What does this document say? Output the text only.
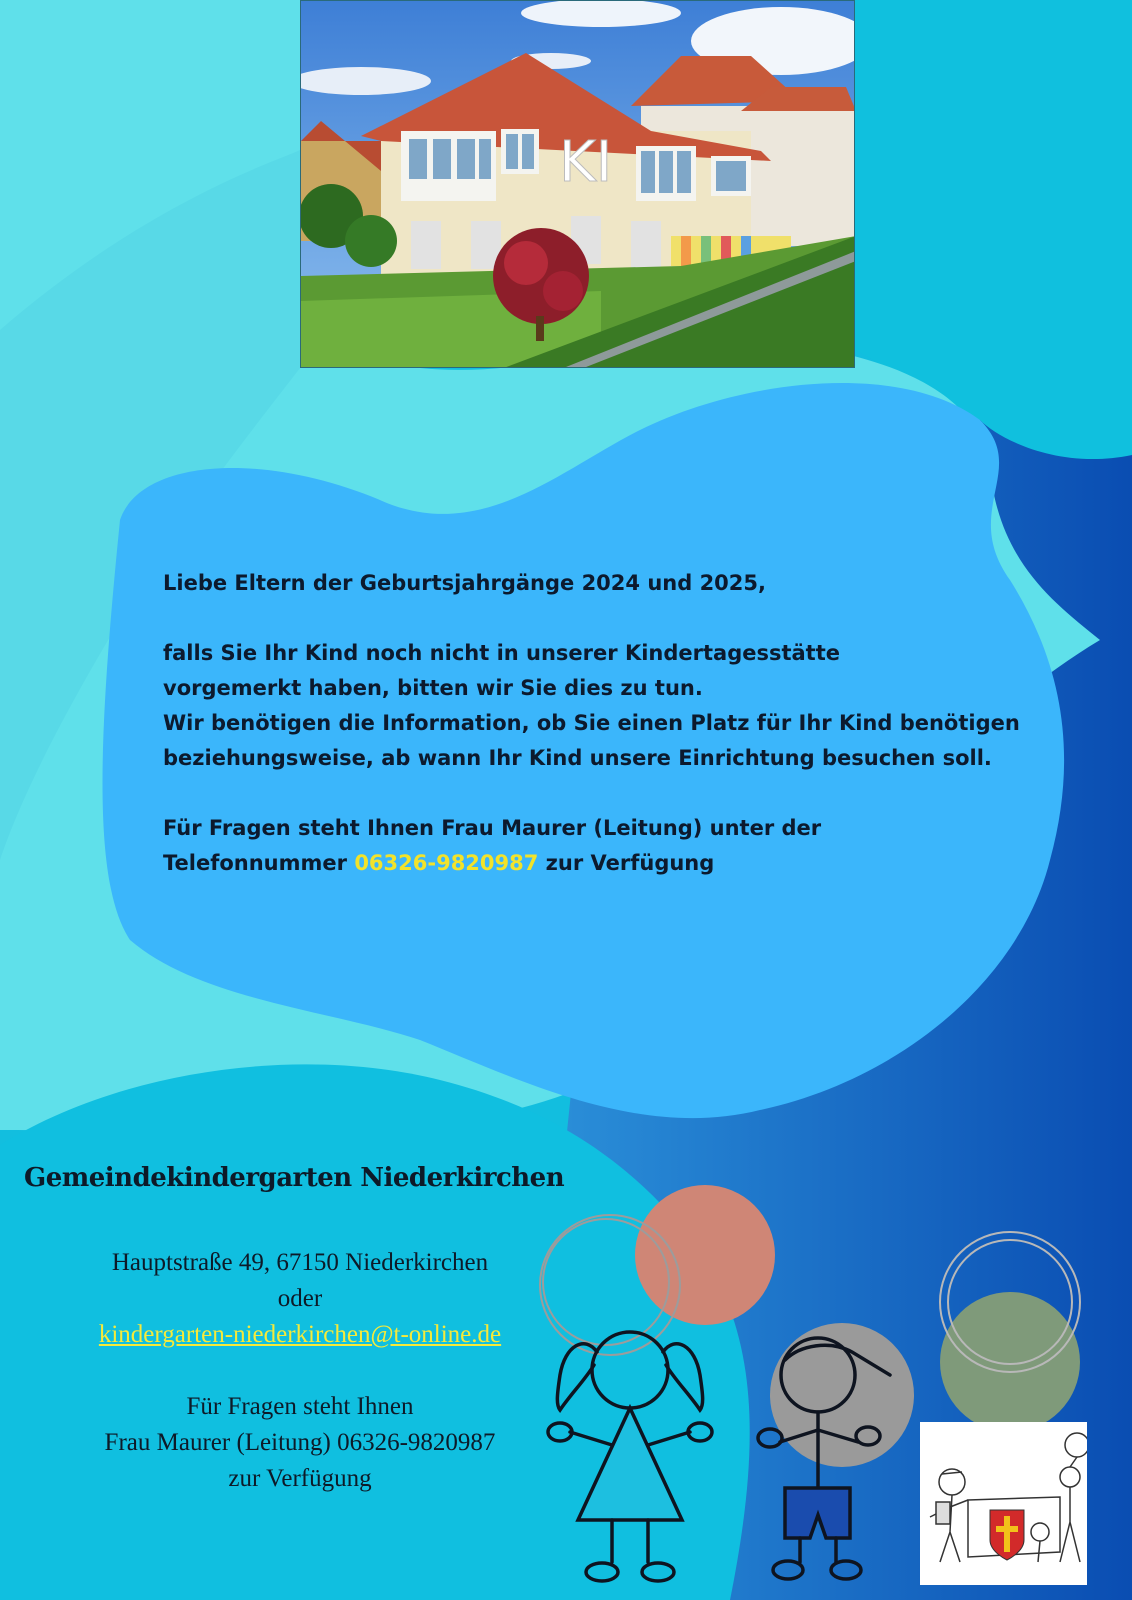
KI

Liebe Eltern der Geburtsjahrgänge 2024 und 2025,

falls Sie Ihr Kind noch nicht in unserer Kindertagesstätte

vorgemerkt haben, bitten wir Sie dies zu tun.

Wir benötigen die Information, ob Sie einen Platz für Ihr Kind benötigen

beziehungsweise, ab wann Ihr Kind unsere Einrichtung besuchen soll.

Für Fragen steht Ihnen Frau Maurer (Leitung) unter der

Telefonnummer 06326-9820987 zur Verfügung

Gemeindekindergarten Niederkirchen

Hauptstraße 49, 67150 Niederkirchen

oder

kindergarten-niederkirchen@t-online.de

Für Fragen steht Ihnen

Frau Maurer (Leitung) 06326-9820987

zur Verfügung
